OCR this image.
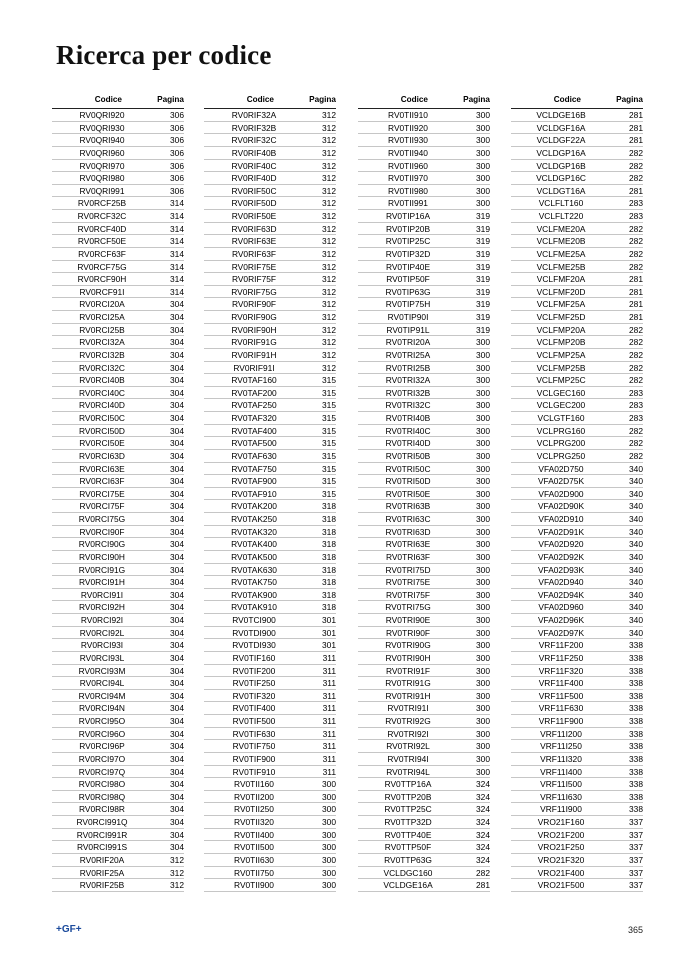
Ricerca per codice
Codice	Pagina
RV0QRI920	306
RV0QRI930	306
RV0QRI940	306
RV0QRI960	306
RV0QRI970	306
RV0QRI980	306
RV0QRI991	306
RV0RCF25B	314
RV0RCF32C	314
RV0RCF40D	314
RV0RCF50E	314
RV0RCF63F	314
RV0RCF75G	314
RV0RCF90H	314
RV0RCF91I	314
RV0RCI20A	304
RV0RCI25A	304
RV0RCI25B	304
RV0RCI32A	304
RV0RCI32B	304
RV0RCI32C	304
RV0RCI40B	304
RV0RCI40C	304
RV0RCI40D	304
RV0RCI50C	304
RV0RCI50D	304
RV0RCI50E	304
RV0RCI63D	304
RV0RCI63E	304
RV0RCI63F	304
RV0RCI75E	304
RV0RCI75F	304
RV0RCI75G	304
RV0RCI90F	304
RV0RCI90G	304
RV0RCI90H	304
RV0RCI91G	304
RV0RCI91H	304
RV0RCI91I	304
RV0RCI92H	304
RV0RCI92I	304
RV0RCI92L	304
RV0RCI93I	304
RV0RCI93L	304
RV0RCI93M	304
RV0RCI94L	304
RV0RCI94M	304
RV0RCI94N	304
RV0RCI95O	304
RV0RCI96O	304
RV0RCI96P	304
RV0RCI97O	304
RV0RCI97Q	304
RV0RCI98O	304
RV0RCI98Q	304
RV0RCI98R	304
RV0RCI991Q	304
RV0RCI991R	304
RV0RCI991S	304
RV0RIF20A	312
RV0RIF25A	312
RV0RIF25B	312
Codice	Pagina
RV0RIF32A	312
RV0RIF32B	312
RV0RIF32C	312
RV0RIF40B	312
RV0RIF40C	312
RV0RIF40D	312
RV0RIF50C	312
RV0RIF50D	312
RV0RIF50E	312
RV0RIF63D	312
RV0RIF63E	312
RV0RIF63F	312
RV0RIF75E	312
RV0RIF75F	312
RV0RIF75G	312
RV0RIF90F	312
RV0RIF90G	312
RV0RIF90H	312
RV0RIF91G	312
RV0RIF91H	312
RV0RIF91I	312
RV0TAF160	315
RV0TAF200	315
RV0TAF250	315
RV0TAF320	315
RV0TAF400	315
RV0TAF500	315
RV0TAF630	315
RV0TAF750	315
RV0TAF900	315
RV0TAF910	315
RV0TAK200	318
RV0TAK250	318
RV0TAK320	318
RV0TAK400	318
RV0TAK500	318
RV0TAK630	318
RV0TAK750	318
RV0TAK900	318
RV0TAK910	318
RV0TCI900	301
RV0TDI900	301
RV0TDI930	301
RV0TIF160	311
RV0TIF200	311
RV0TIF250	311
RV0TIF320	311
RV0TIF400	311
RV0TIF500	311
RV0TIF630	311
RV0TIF750	311
RV0TIF900	311
RV0TIF910	311
RV0TII160	300
RV0TII200	300
RV0TII250	300
RV0TII320	300
RV0TII400	300
RV0TII500	300
RV0TII630	300
RV0TII750	300
RV0TII900	300
Codice	Pagina
RV0TII910	300
RV0TII920	300
RV0TII930	300
RV0TII940	300
RV0TII960	300
RV0TII970	300
RV0TII980	300
RV0TII991	300
RV0TIP16A	319
RV0TIP20B	319
RV0TIP25C	319
RV0TIP32D	319
RV0TIP40E	319
RV0TIP50F	319
RV0TIP63G	319
RV0TIP75H	319
RV0TIP90I	319
RV0TIP91L	319
RV0TRI20A	300
RV0TRI25A	300
RV0TRI25B	300
RV0TRI32A	300
RV0TRI32B	300
RV0TRI32C	300
RV0TRI40B	300
RV0TRI40C	300
RV0TRI40D	300
RV0TRI50B	300
RV0TRI50C	300
RV0TRI50D	300
RV0TRI50E	300
RV0TRI63B	300
RV0TRI63C	300
RV0TRI63D	300
RV0TRI63E	300
RV0TRI63F	300
RV0TRI75D	300
RV0TRI75E	300
RV0TRI75F	300
RV0TRI75G	300
RV0TRI90E	300
RV0TRI90F	300
RV0TRI90G	300
RV0TRI90H	300
RV0TRI91F	300
RV0TRI91G	300
RV0TRI91H	300
RV0TRI91I	300
RV0TRI92G	300
RV0TRI92I	300
RV0TRI92L	300
RV0TRI94I	300
RV0TRI94L	300
RV0TTP16A	324
RV0TTP20B	324
RV0TTP25C	324
RV0TTP32D	324
RV0TTP40E	324
RV0TTP50F	324
RV0TTP63G	324
VCLDGC160	282
VCLDGE16A	281
Codice	Pagina
VCLDGE16B	281
VCLDGF16A	281
VCLDGF22A	281
VCLDGP16A	282
VCLDGP16B	282
VCLDGP16C	282
VCLDGT16A	281
VCLFLT160	283
VCLFLT220	283
VCLFME20A	282
VCLFME20B	282
VCLFME25A	282
VCLFME25B	282
VCLFMF20A	281
VCLFMF20D	281
VCLFMF25A	281
VCLFMF25D	281
VCLFMP20A	282
VCLFMP20B	282
VCLFMP25A	282
VCLFMP25B	282
VCLFMP25C	282
VCLGEC160	283
VCLGEC200	283
VCLGTF160	283
VCLPRG160	282
VCLPRG200	282
VCLPRG250	282
VFA02D750	340
VFA02D75K	340
VFA02D900	340
VFA02D90K	340
VFA02D910	340
VFA02D91K	340
VFA02D920	340
VFA02D92K	340
VFA02D93K	340
VFA02D940	340
VFA02D94K	340
VFA02D960	340
VFA02D96K	340
VFA02D97K	340
VRF11F200	338
VRF11F250	338
VRF11F320	338
VRF11F400	338
VRF11F500	338
VRF11F630	338
VRF11F900	338
VRF11I200	338
VRF11I250	338
VRF11I320	338
VRF11I400	338
VRF11I500	338
VRF11I630	338
VRF11I900	338
VRO21F160	337
VRO21F200	337
VRO21F250	337
VRO21F320	337
VRO21F400	337
VRO21F500	337
+GF+	365
